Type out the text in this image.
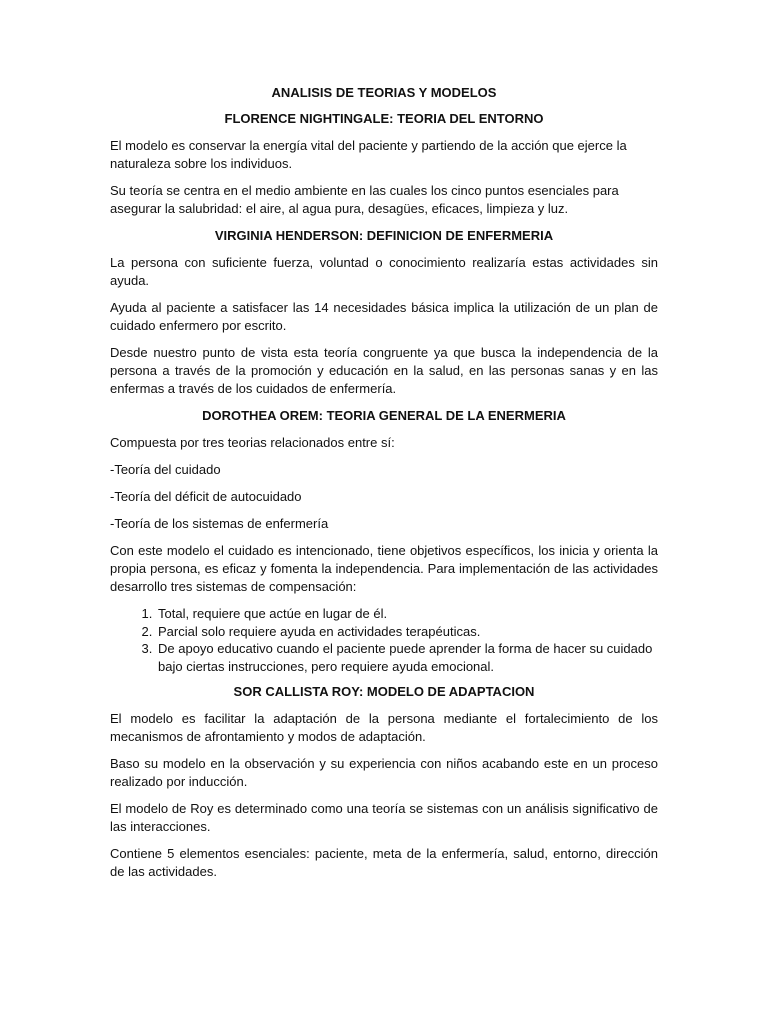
ANALISIS DE TEORIAS Y MODELOS
FLORENCE NIGHTINGALE: TEORIA DEL ENTORNO

El modelo es conservar la energía vital del paciente y partiendo de la acción que ejerce la naturaleza sobre los individuos.

Su teoría se centra en el medio ambiente en las cuales los cinco puntos esenciales para asegurar la salubridad: el aire, al agua pura, desagües, eficaces, limpieza y luz.

VIRGINIA HENDERSON: DEFINICION DE ENFERMERIA

La persona con suficiente fuerza, voluntad o conocimiento realizaría estas actividades sin ayuda.

Ayuda al paciente a satisfacer las 14 necesidades básica implica la utilización de un plan de cuidado enfermero por escrito.

Desde nuestro punto de vista esta teoría congruente ya que busca la independencia de la persona a través de la promoción y educación en la salud, en las personas sanas y en las enfermas a través de los cuidados de enfermería.

DOROTHEA OREM: TEORIA GENERAL DE LA ENERMERIA

Compuesta por tres teorias relacionados entre sí:

-Teoría del cuidado

-Teoría del déficit de autocuidado

-Teoría de los sistemas de enfermería

Con este modelo el cuidado es intencionado, tiene objetivos específicos, los inicia y orienta la propia persona, es eficaz y fomenta la independencia. Para implementación de las actividades desarrollo tres sistemas de compensación:

1. Total, requiere que actúe en lugar de él.
2. Parcial solo requiere ayuda en actividades terapéuticas.
3. De apoyo educativo cuando el paciente puede aprender la forma de hacer su cuidado bajo ciertas instrucciones, pero requiere ayuda emocional.
SOR CALLISTA ROY: MODELO DE ADAPTACION

El modelo es facilitar la adaptación de la persona mediante el fortalecimiento de los mecanismos de afrontamiento y modos de adaptación.

Baso su modelo en la observación y su experiencia con niños acabando este en un proceso realizado por inducción.

El modelo de Roy es determinado como una teoría se sistemas con un análisis significativo de las interacciones.

Contiene 5 elementos esenciales: paciente, meta de la enfermería, salud, entorno, dirección de las actividades.
